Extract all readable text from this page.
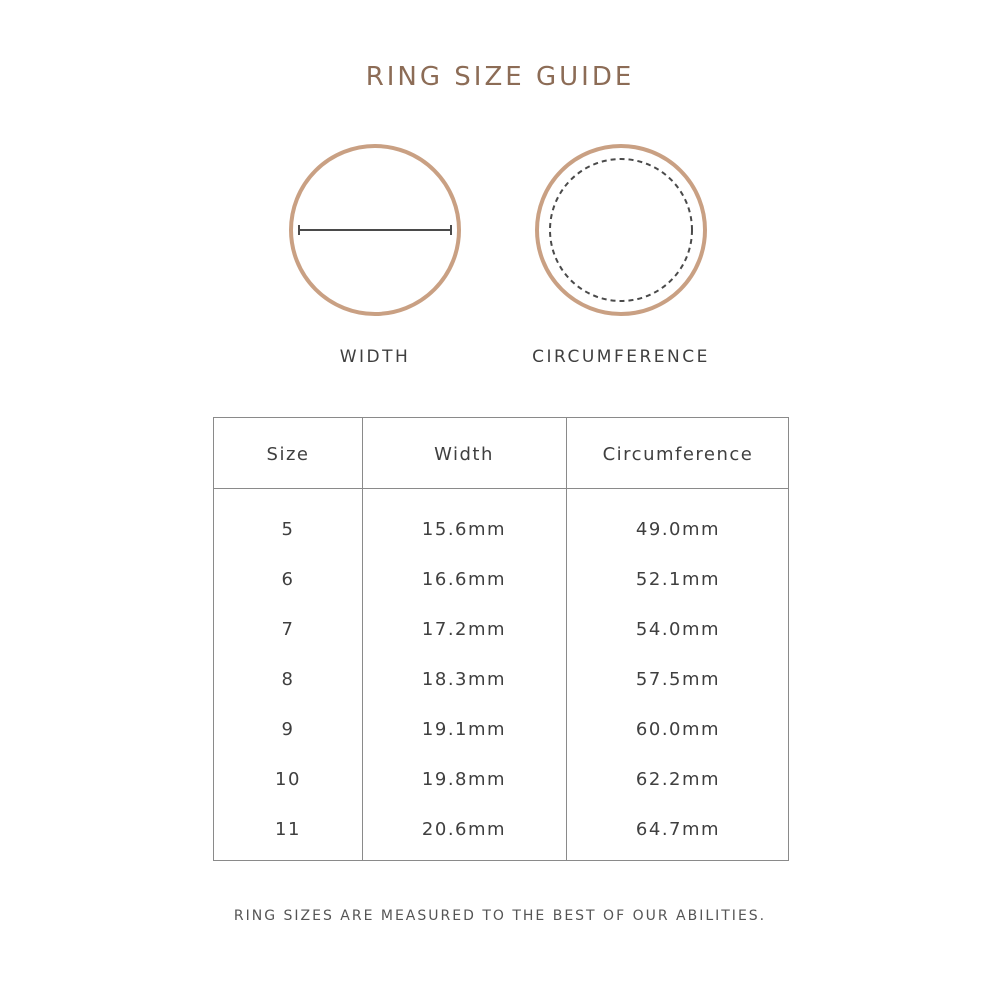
RING SIZE GUIDE
WIDTH	CIRCUMFERENCE
Size	Width	Circumference
5	15.6mm	49.0mm
6	16.6mm	52.1mm
7	17.2mm	54.0mm
8	18.3mm	57.5mm
9	19.1mm	60.0mm
10	19.8mm	62.2mm
11	20.6mm	64.7mm
RING SIZES ARE MEASURED TO THE BEST OF OUR ABILITIES.
